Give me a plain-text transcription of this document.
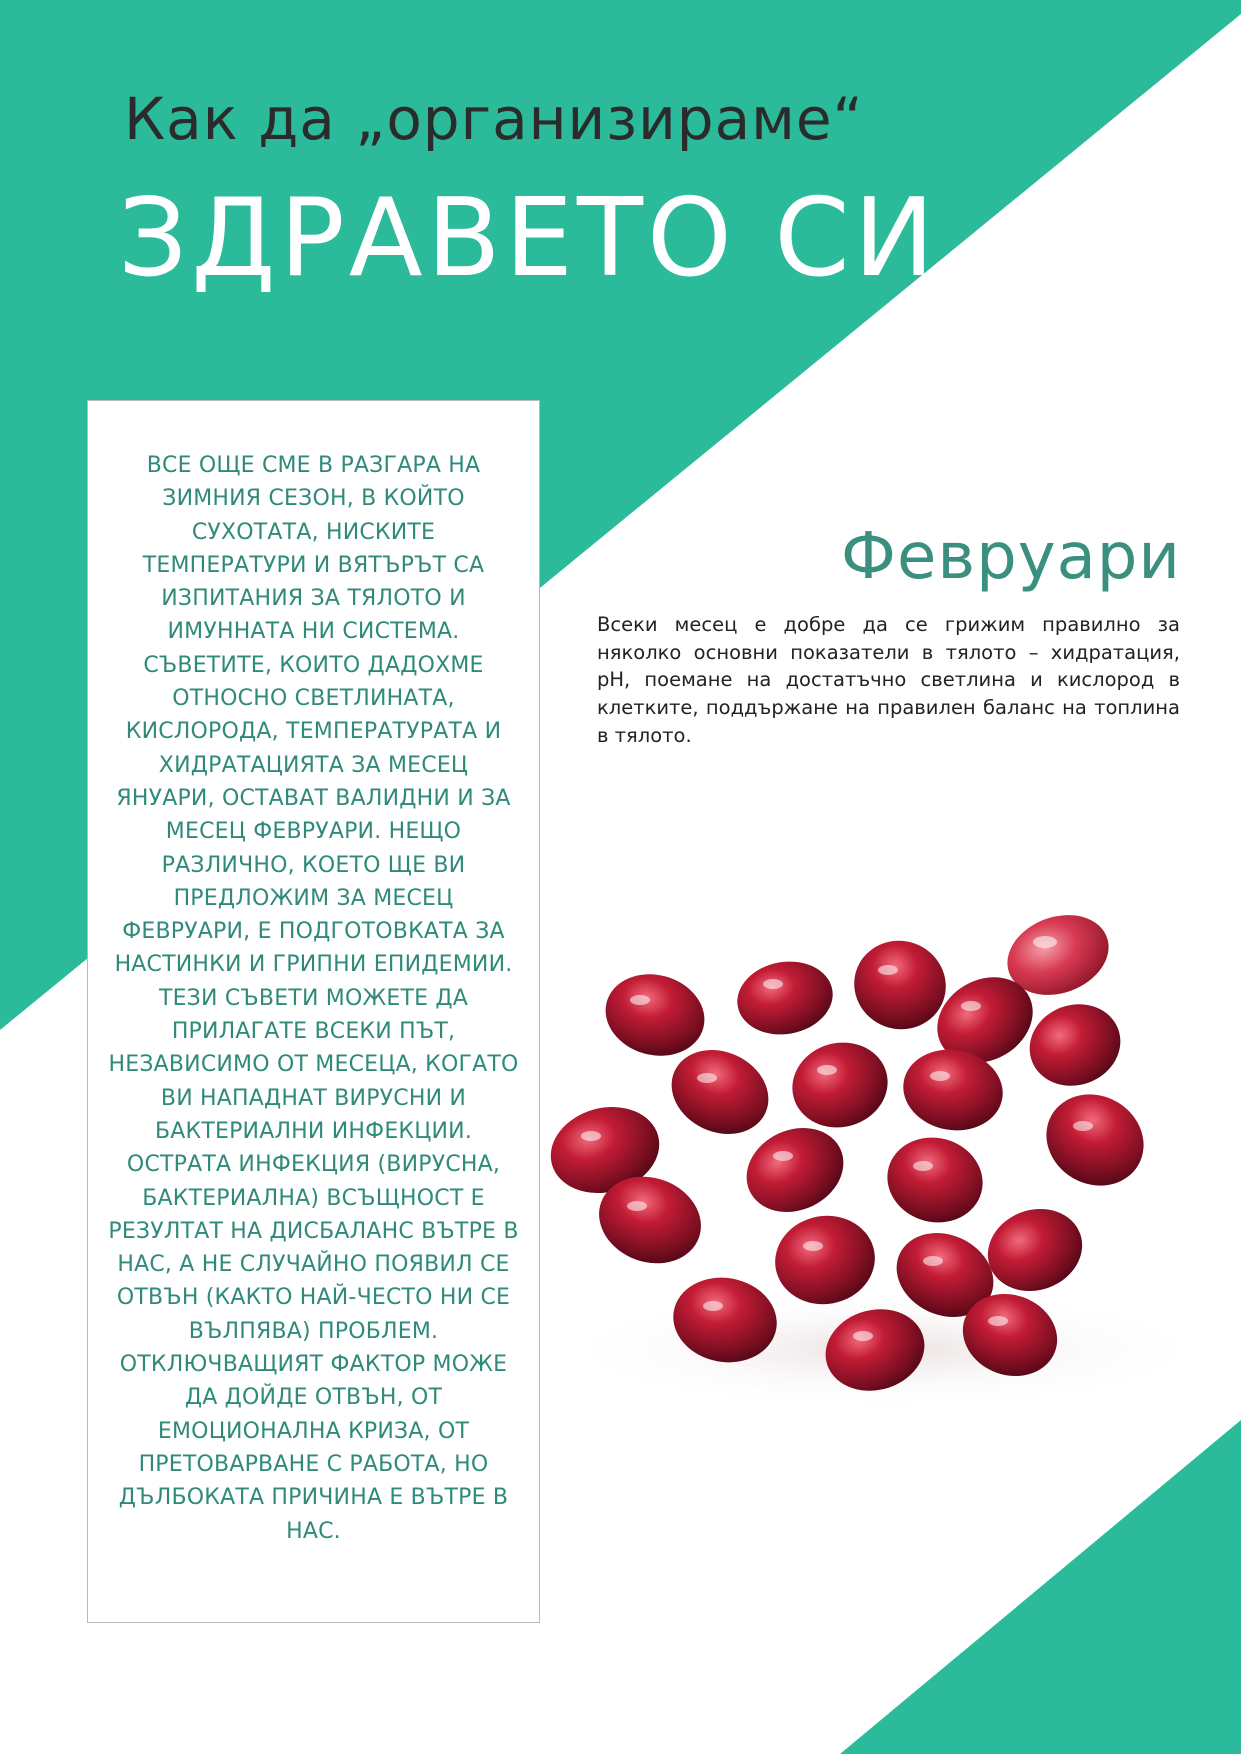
Как да „организираме“
ЗДРАВЕТО СИ

ВСЕ ОЩЕ СМЕ В РАЗГАРА НА ЗИМНИЯ СЕЗОН, В КОЙТО СУХОТАТА, НИСКИТЕ ТЕМПЕРАТУРИ И ВЯТЪРЪТ СА ИЗПИТАНИЯ ЗА ТЯЛОТО И ИМУННАТА НИ СИСТЕМА. СЪВЕТИТЕ, КОИТО ДАДОХМЕ ОТНОСНО СВЕТЛИНАТА, КИСЛОРОДА, ТЕМПЕРАТУРАТА И ХИДРАТАЦИЯТА ЗА МЕСЕЦ ЯНУАРИ, ОСТАВАТ ВАЛИДНИ И ЗА МЕСЕЦ ФЕВРУАРИ. НЕЩО РАЗЛИЧНО, КОЕТО ЩЕ ВИ ПРЕДЛОЖИМ ЗА МЕСЕЦ ФЕВРУАРИ, Е ПОДГОТОВКАТА ЗА НАСТИНКИ И ГРИПНИ ЕПИДЕМИИ. ТЕЗИ СЪВЕТИ МОЖЕТЕ ДА ПРИЛАГАТЕ ВСЕКИ ПЪТ, НЕЗАВИСИМО ОТ МЕСЕЦА, КОГАТО ВИ НАПАДНАТ ВИРУСНИ И БАКТЕРИАЛНИ ИНФЕКЦИИ. ОСТРАТА ИНФЕКЦИЯ (ВИРУСНА, БАКТЕРИАЛНА) ВСЪЩНОСТ Е РЕЗУЛТАТ НА ДИСБАЛАНС ВЪТРЕ В НАС, А НЕ СЛУЧАЙНО ПОЯВИЛ СЕ ОТВЪН (КАКТО НАЙ-ЧЕСТО НИ СЕ ВЪЛПЯВА) ПРОБЛЕМ. ОТКЛЮЧВАЩИЯТ ФАКТОР МОЖЕ ДА ДОЙДЕ ОТВЪН, ОТ ЕМОЦИОНАЛНА КРИЗА, ОТ ПРЕТОВАРВАНЕ С РАБОТА, НО ДЪЛБОКАТА ПРИЧИНА Е ВЪТРЕ В НАС.

Февруари

Всеки месец е добре да се грижим правилно за няколко основни показатели в тялото – хидратация, pH, поемане на достатъчно светлина и кислород в клетките, поддържане на правилен баланс на топлина в тялото.
